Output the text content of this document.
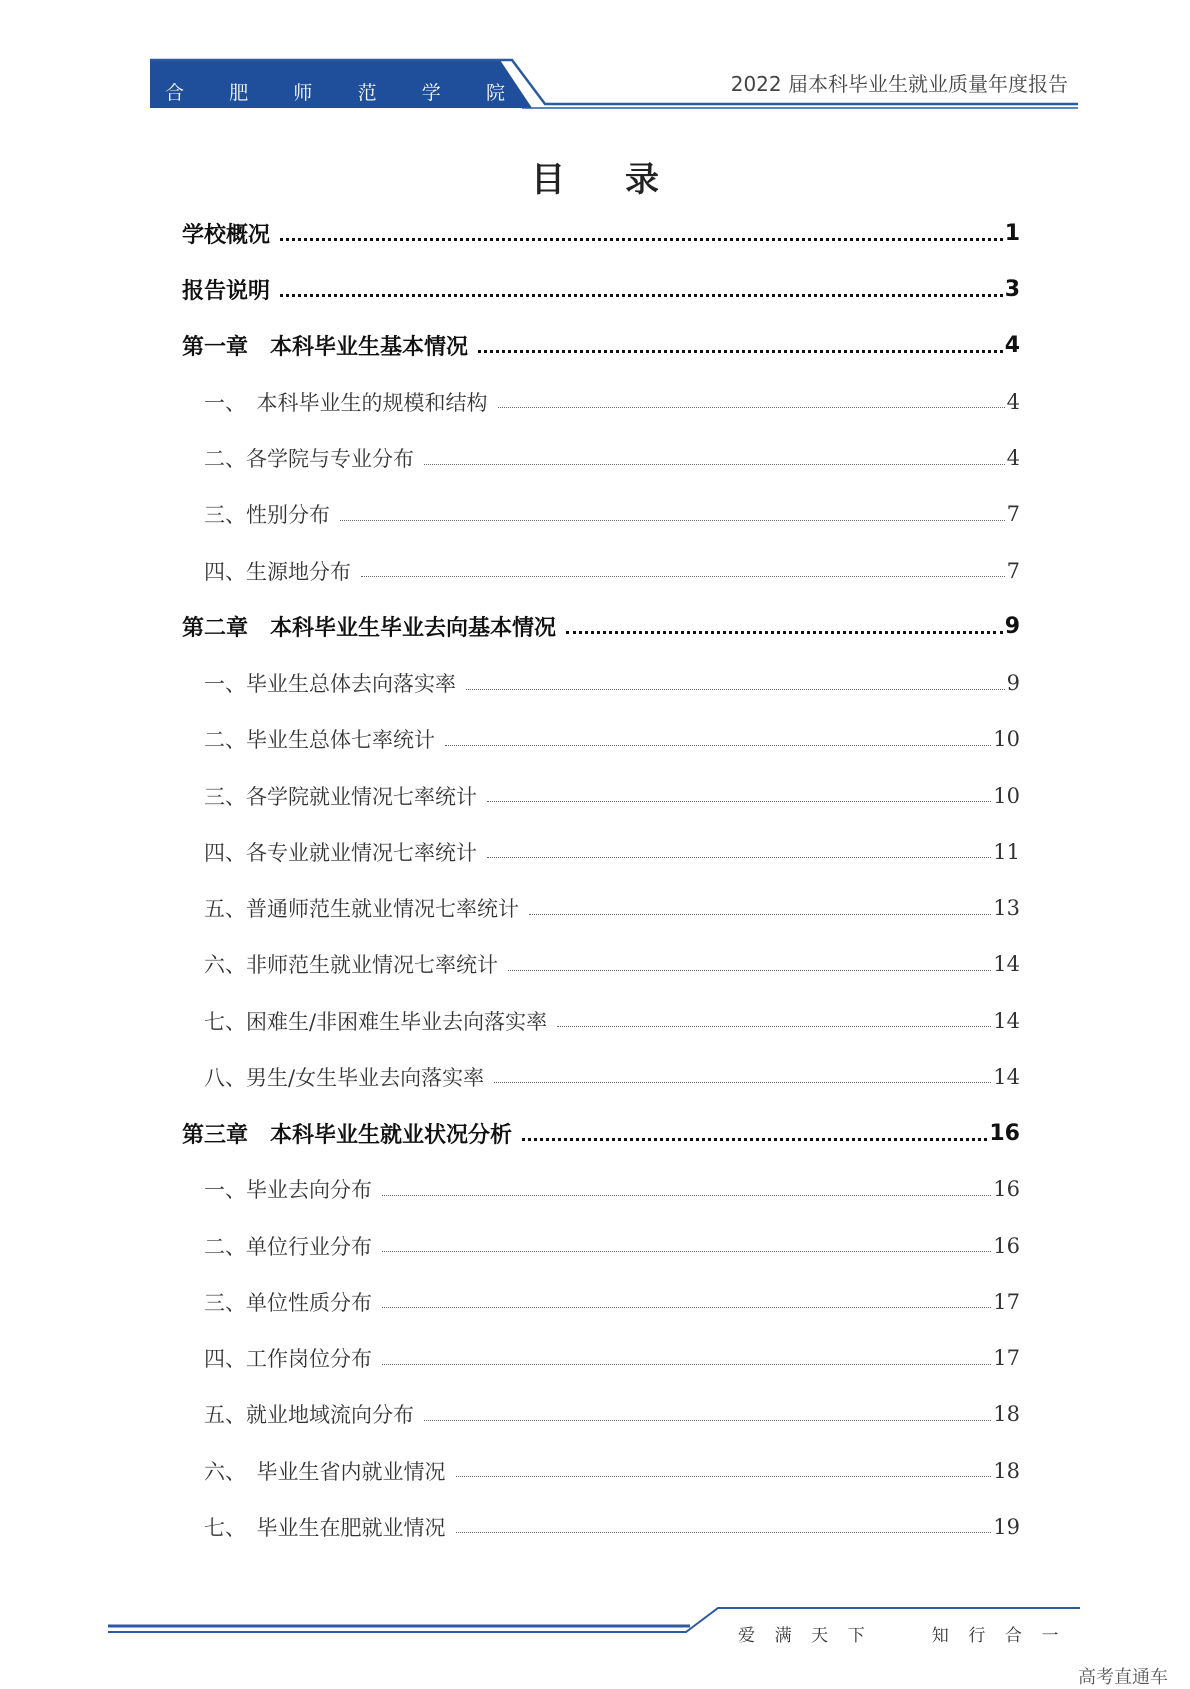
合 肥 师 范 学 院	2022 届本科毕业生就业质量年度报告
目录
学校概况	1
报告说明	3
第一章　本科毕业生基本情况	4
一、　本科毕业生的规模和结构	4
二、各学院与专业分布	4
三、性别分布	7
四、生源地分布	7
第二章　本科毕业生毕业去向基本情况	9
一、毕业生总体去向落实率	9
二、毕业生总体七率统计	10
三、各学院就业情况七率统计	10
四、各专业就业情况七率统计	11
五、普通师范生就业情况七率统计	13
六、非师范生就业情况七率统计	14
七、困难生/非困难生毕业去向落实率	14
八、男生/女生毕业去向落实率	14
第三章　本科毕业生就业状况分析	16
一、毕业去向分布	16
二、单位行业分布	16
三、单位性质分布	17
四、工作岗位分布	17
五、就业地域流向分布	18
六、　毕业生省内就业情况	18
七、　毕业生在肥就业情况	19
爱	满	天	下	知	行	合	一
高考直通车
